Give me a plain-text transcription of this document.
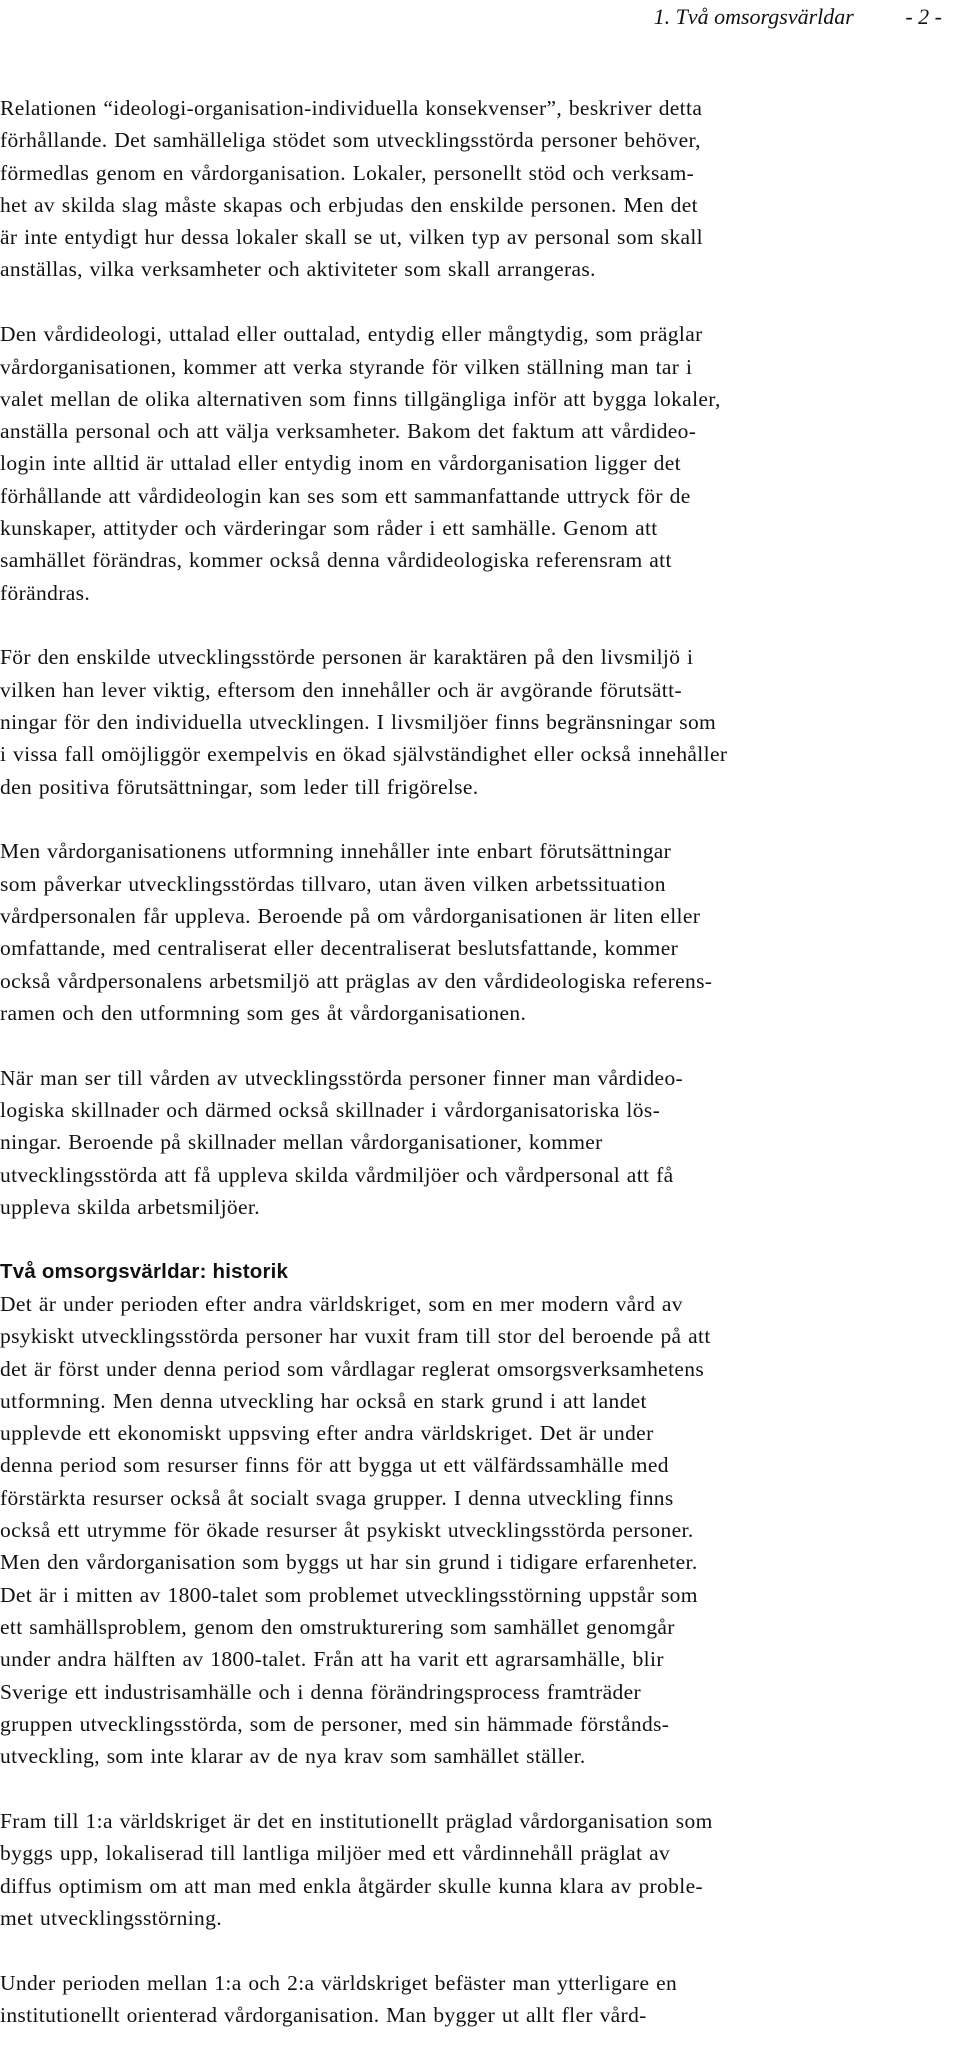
1. Två omsorgsvärldar - 2 -
Relationen “ideologi-organisation-individuella konsekvenser”, beskriver detta
förhållande. Det samhälleliga stödet som utvecklingsstörda personer behöver,
förmedlas genom en vårdorganisation. Lokaler, personellt stöd och verksam-
het av skilda slag måste skapas och erbjudas den enskilde personen. Men det
är inte entydigt hur dessa lokaler skall se ut, vilken typ av personal som skall
anställas, vilka verksamheter och aktiviteter som skall arrangeras.
Den vårdideologi, uttalad eller outtalad, entydig eller mångtydig, som präglar
vårdorganisationen, kommer att verka styrande för vilken ställning man tar i
valet mellan de olika alternativen som finns tillgängliga inför att bygga lokaler,
anställa personal och att välja verksamheter. Bakom det faktum att vårdideo-
login inte alltid är uttalad eller entydig inom en vårdorganisation ligger det
förhållande att vårdideologin kan ses som ett sammanfattande uttryck för de
kunskaper, attityder och värderingar som råder i ett samhälle. Genom att
samhället förändras, kommer också denna vårdideologiska referensram att
förändras.
För den enskilde utvecklingsstörde personen är karaktären på den livsmiljö i
vilken han lever viktig, eftersom den innehåller och är avgörande förutsätt-
ningar för den individuella utvecklingen. I livsmiljöer finns begränsningar som
i vissa fall omöjliggör exempelvis en ökad självständighet eller också innehåller
den positiva förutsättningar, som leder till frigörelse.
Men vårdorganisationens utformning innehåller inte enbart förutsättningar
som påverkar utvecklingsstördas tillvaro, utan även vilken arbetssituation
vårdpersonalen får uppleva. Beroende på om vårdorganisationen är liten eller
omfattande, med centraliserat eller decentraliserat beslutsfattande, kommer
också vårdpersonalens arbetsmiljö att präglas av den vårdideologiska referens-
ramen och den utformning som ges åt vårdorganisationen.
När man ser till vården av utvecklingsstörda personer finner man vårdideo-
logiska skillnader och därmed också skillnader i vårdorganisatoriska lös-
ningar. Beroende på skillnader mellan vårdorganisationer, kommer
utvecklingsstörda att få uppleva skilda vårdmiljöer och vårdpersonal att få
uppleva skilda arbetsmiljöer.
Två omsorgsvärldar: historik
Det är under perioden efter andra världskriget, som en mer modern vård av
psykiskt utvecklingsstörda personer har vuxit fram till stor del beroende på att
det är först under denna period som vårdlagar reglerat omsorgsverksamhetens
utformning. Men denna utveckling har också en stark grund i att landet
upplevde ett ekonomiskt uppsving efter andra världskriget. Det är under
denna period som resurser finns för att bygga ut ett välfärdssamhälle med
förstärkta resurser också åt socialt svaga grupper. I denna utveckling finns
också ett utrymme för ökade resurser åt psykiskt utvecklingsstörda personer.
Men den vårdorganisation som byggs ut har sin grund i tidigare erfarenheter.
Det är i mitten av 1800-talet som problemet utvecklingsstörning uppstår som
ett samhällsproblem, genom den omstrukturering som samhället genomgår
under andra hälften av 1800-talet. Från att ha varit ett agrarsamhälle, blir
Sverige ett industrisamhälle och i denna förändringsprocess framträder
gruppen utvecklingsstörda, som de personer, med sin hämmade förstånds-
utveckling, som inte klarar av de nya krav som samhället ställer.
Fram till 1:a världskriget är det en institutionellt präglad vårdorganisation som
byggs upp, lokaliserad till lantliga miljöer med ett vårdinnehåll präglat av
diffus optimism om att man med enkla åtgärder skulle kunna klara av proble-
met utvecklingsstörning.
Under perioden mellan 1:a och 2:a världskriget befäster man ytterligare en
institutionellt orienterad vårdorganisation. Man bygger ut allt fler vård-
